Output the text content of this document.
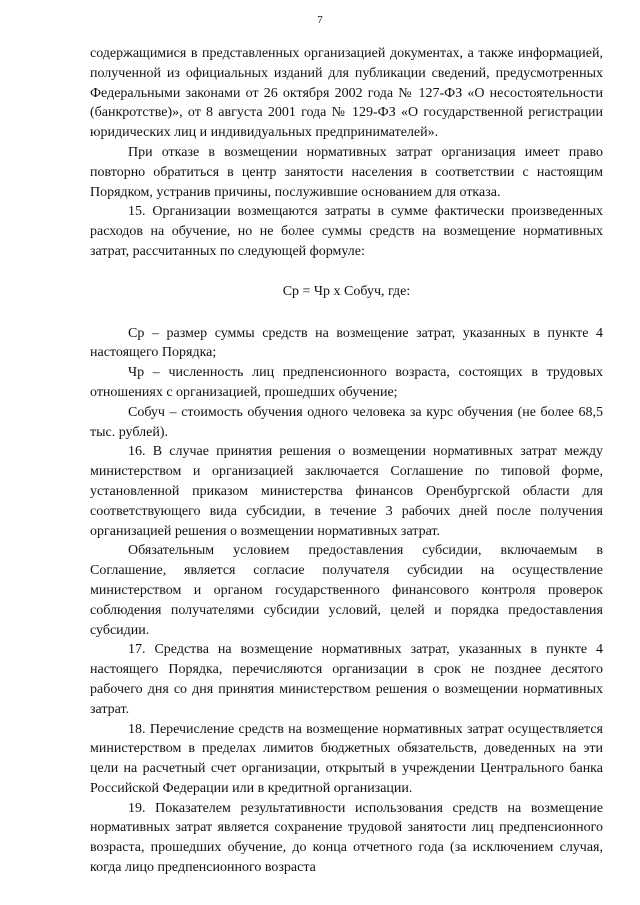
7

содержащимися в представленных организацией документах, а также информацией, полученной из официальных изданий для публикации сведений, предусмотренных Федеральными законами от 26 октября 2002 года № 127-ФЗ «О несостоятельности (банкротстве)», от 8 августа 2001 года № 129-ФЗ «О государственной регистрации юридических лиц и индивидуальных предпринимателей».

При отказе в возмещении нормативных затрат организация имеет право повторно обратиться в центр занятости населения в соответствии с настоящим Порядком, устранив причины, послужившие основанием для отказа.

15. Организации возмещаются затраты в сумме фактически произведенных расходов на обучение, но не более суммы средств на возмещение нормативных затрат, рассчитанных по следующей формуле:

Ср = Чр х Собуч, где:

Ср – размер суммы средств на возмещение затрат, указанных в пункте 4 настоящего Порядка;

Чр – численность лиц предпенсионного возраста, состоящих в трудовых отношениях с организацией, прошедших обучение;

Собуч – стоимость обучения одного человека за курс обучения (не более 68,5 тыс. рублей).

16. В случае принятия решения о возмещении нормативных затрат между министерством и организацией заключается Соглашение по типовой форме, установленной приказом министерства финансов Оренбургской области для соответствующего вида субсидии, в течение 3 рабочих дней после получения организацией решения о возмещении нормативных затрат.

Обязательным условием предоставления субсидии, включаемым в Соглашение, является согласие получателя субсидии на осуществление министерством и органом государственного финансового контроля проверок соблюдения получателями субсидии условий, целей и порядка предоставления субсидии.

17. Средства на возмещение нормативных затрат, указанных в пункте 4 настоящего Порядка, перечисляются организации в срок не позднее десятого рабочего дня со дня принятия министерством решения о возмещении нормативных затрат.

18. Перечисление средств на возмещение нормативных затрат осуществляется министерством в пределах лимитов бюджетных обязательств, доведенных на эти цели на расчетный счет организации, открытый в учреждении Центрального банка Российской Федерации или в кредитной организации.

19. Показателем результативности использования средств на возмещение нормативных затрат является сохранение трудовой занятости лиц предпенсионного возраста, прошедших обучение, до конца отчетного года (за исключением случая, когда лицо предпенсионного возраста
